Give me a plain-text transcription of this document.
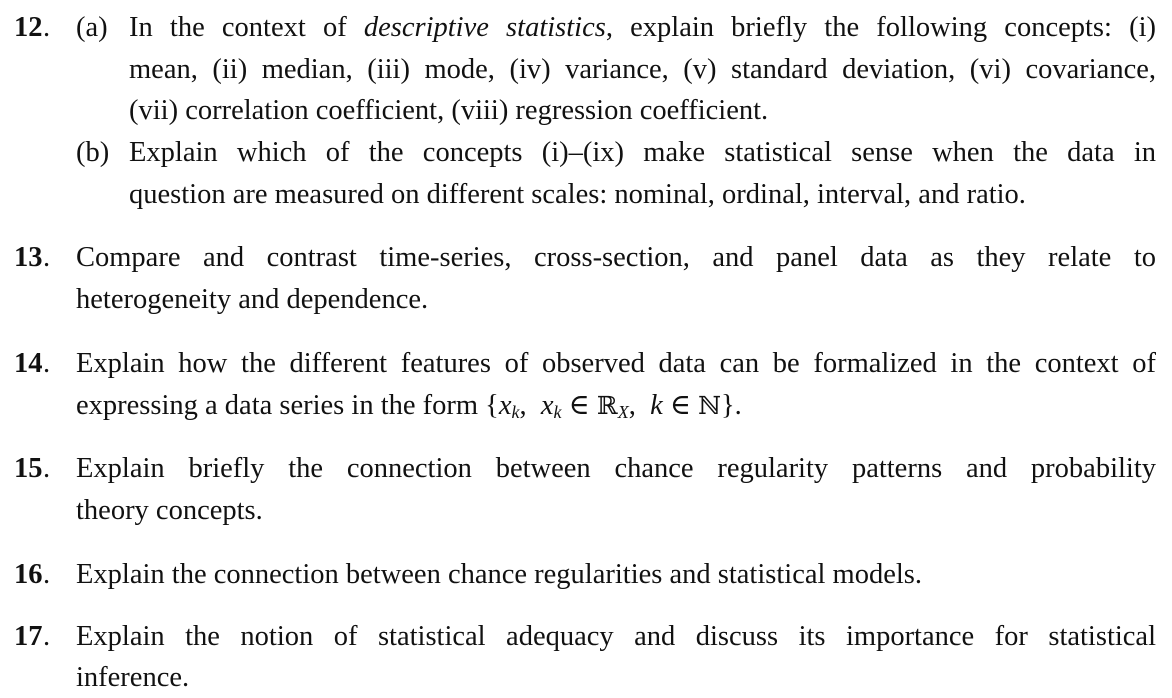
12 . (a) In the context of descriptive statistics, explain briefly the following concepts: (i)
mean, (ii) median, (iii) mode, (iv) variance, (v) standard deviation, (vi) covariance,
(vii) correlation coefficient, (viii) regression coefficient.
(b) Explain which of the concepts (i)–(ix) make statistical sense when the data in
question are measured on different scales: nominal, ordinal, interval, and ratio.
13 . Compare and contrast time-series, cross-section, and panel data as they relate to
heterogeneity and dependence.
14 . Explain how the different features of observed data can be formalized in the context of
expressing a data series in the form {$x_k$,  $x_k$ ∈ ℝ$_X$,  k ∈ ℕ}.
15 . Explain briefly the connection between chance regularity patterns and probability
theory concepts.
16 . Explain the connection between chance regularities and statistical models.
17 . Explain the notion of statistical adequacy and discuss its importance for statistical
inference.
